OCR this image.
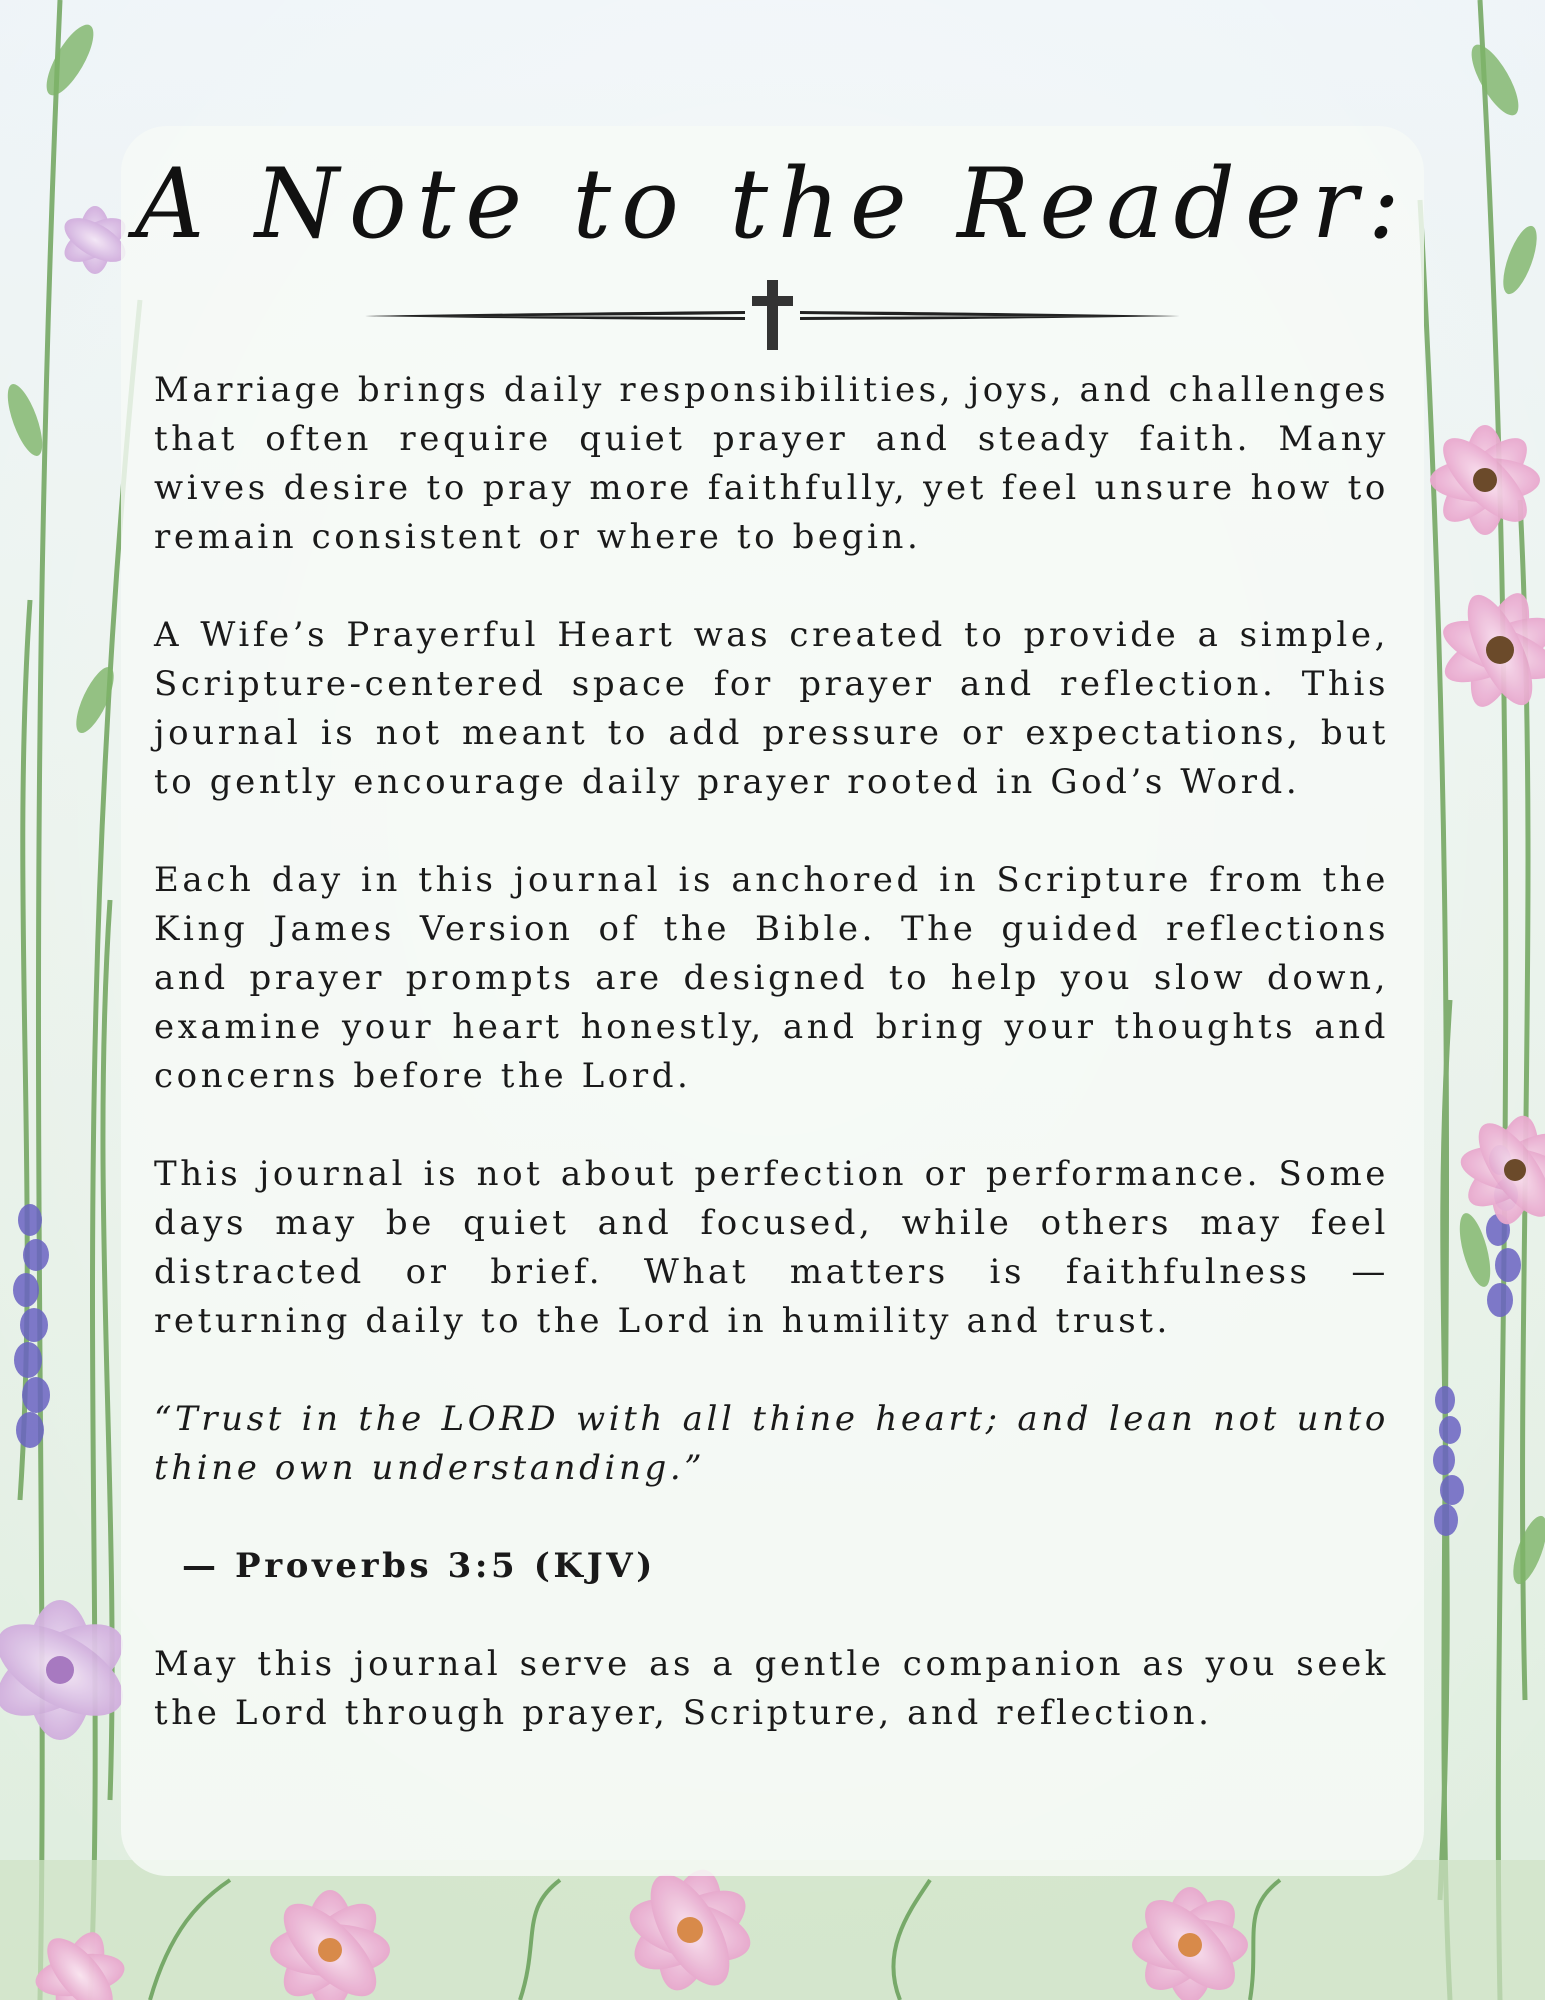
A Note to the Reader:

Marriage brings daily responsibilities, joys, and challenges that often require quiet prayer and steady faith. Many wives desire to pray more faithfully, yet feel unsure how to remain consistent or where to begin.

A Wife’s Prayerful Heart was created to provide a simple, Scripture-centered space for prayer and reflection. This journal is not meant to add pressure or expectations, but to gently encourage daily prayer rooted in God’s Word.

Each day in this journal is anchored in Scripture from the King James Version of the Bible. The guided reflections and prayer prompts are designed to help you slow down, examine your heart honestly, and bring your thoughts and concerns before the Lord.

This journal is not about perfection or performance. Some days may be quiet and focused, while others may feel distracted or brief. What matters is faithfulness — returning daily to the Lord in humility and trust.

“Trust in the LORD with all thine heart; and lean not unto thine own understanding.”

— Proverbs 3:5 (KJV)

May this journal serve as a gentle companion as you seek the Lord through prayer, Scripture, and reflection.
